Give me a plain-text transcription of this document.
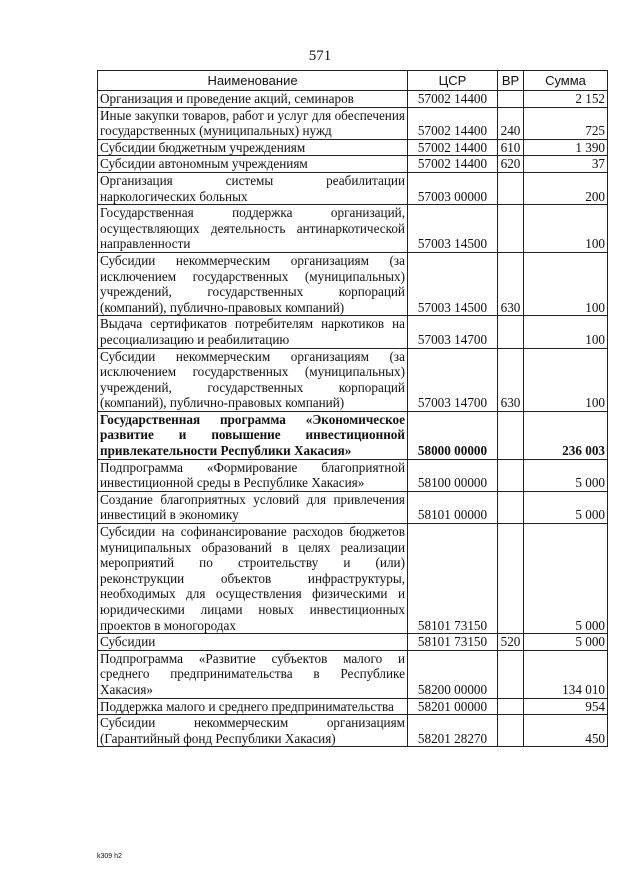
571
Наименование	ЦСР	ВР	Сумма
Организация и проведение акций, семинаров	57002 14400		2 152
Иные закупки товаров, работ и услуг для обеспечения государственных (муниципальных) нужд	57002 14400	240	725
Субсидии бюджетным учреждениям	57002 14400	610	1 390
Субсидии автономным учреждениям	57002 14400	620	37
Организация системы реабилитации наркологических больных	57003 00000		200
Государственная поддержка организаций, осуществляющих деятельность антинаркотической направленности	57003 14500		100
Субсидии некоммерческим организациям (за исключением государственных (муниципальных) учреждений, государственных корпораций (компаний), публично-правовых компаний)	57003 14500	630	100
Выдача сертификатов потребителям наркотиков на ресоциализацию и реабилитацию	57003 14700		100
Субсидии некоммерческим организациям (за исключением государственных (муниципальных) учреждений, государственных корпораций (компаний), публично-правовых компаний)	57003 14700	630	100
Государственная программа «Экономическое развитие и повышение инвестиционной привлекательности Республики Хакасия»	58000 00000		236 003
Подпрограмма «Формирование благоприятной инвестиционной среды в Республике Хакасия»	58100 00000		5 000
Создание благоприятных условий для привлечения инвестиций в экономику	58101 00000		5 000
Субсидии на софинансирование расходов бюджетов муниципальных образований в целях реализации мероприятий по строительству и (или) реконструкции объектов инфраструктуры, необходимых для осуществления физическими и юридическими лицами новых инвестиционных проектов в моногородах	58101 73150		5 000
Субсидии	58101 73150	520	5 000
Подпрограмма «Развитие субъектов малого и среднего предпринимательства в Республике Хакасия»	58200 00000		134 010
Поддержка малого и среднего предпринимательства	58201 00000		954
Субсидии некоммерческим организациям (Гарантийный фонд Республики Хакасия)	58201 28270		450
k309 h2
